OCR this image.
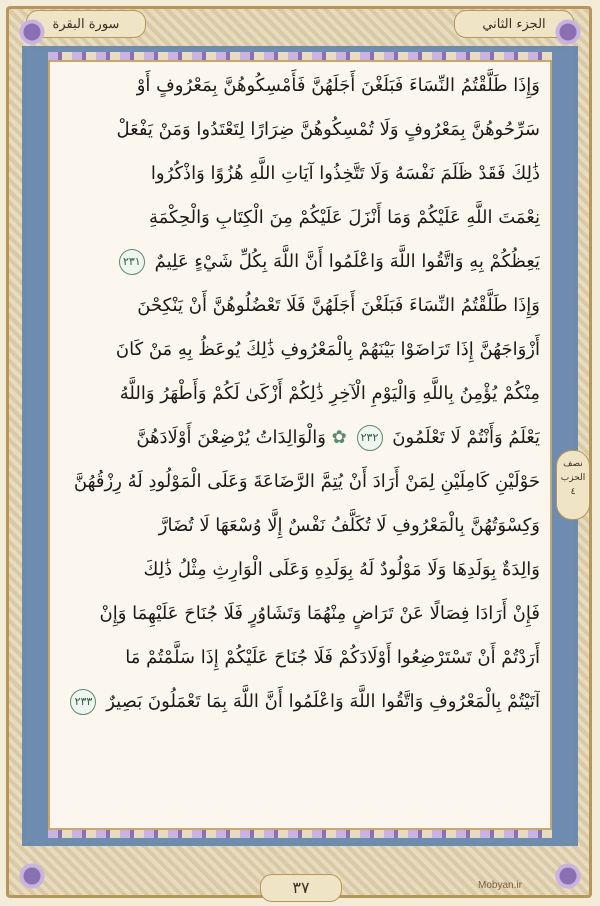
الجزء الثاني
سورة البقرة
وَإِذَا طَلَّقْتُمُ النِّسَاءَ فَبَلَغْنَ أَجَلَهُنَّ فَأَمْسِكُوهُنَّ بِمَعْرُوفٍ أَوْ
سَرِّحُوهُنَّ بِمَعْرُوفٍ وَلَا تُمْسِكُوهُنَّ ضِرَارًا لِتَعْتَدُوا وَمَنْ يَفْعَلْ
ذَٰلِكَ فَقَدْ ظَلَمَ نَفْسَهُ وَلَا تَتَّخِذُوا آيَاتِ اللَّهِ هُزُوًا وَاذْكُرُوا
نِعْمَتَ اللَّهِ عَلَيْكُمْ وَمَا أَنْزَلَ عَلَيْكُمْ مِنَ الْكِتَابِ وَالْحِكْمَةِ
يَعِظُكُمْ بِهِ وَاتَّقُوا اللَّهَ وَاعْلَمُوا أَنَّ اللَّهَ بِكُلِّ شَيْءٍ عَلِيمٌ ٢٣١
وَإِذَا طَلَّقْتُمُ النِّسَاءَ فَبَلَغْنَ أَجَلَهُنَّ فَلَا تَعْضُلُوهُنَّ أَنْ يَنْكِحْنَ
أَزْوَاجَهُنَّ إِذَا تَرَاضَوْا بَيْنَهُمْ بِالْمَعْرُوفِ ذَٰلِكَ يُوعَظُ بِهِ مَنْ كَانَ
مِنْكُمْ يُؤْمِنُ بِاللَّهِ وَالْيَوْمِ الْآخِرِ ذَٰلِكُمْ أَزْكَىٰ لَكُمْ وَأَطْهَرُ وَاللَّهُ
يَعْلَمُ وَأَنْتُمْ لَا تَعْلَمُونَ ٢٣٢ ✿ وَالْوَالِدَاتُ يُرْضِعْنَ أَوْلَادَهُنَّ
حَوْلَيْنِ كَامِلَيْنِ لِمَنْ أَرَادَ أَنْ يُتِمَّ الرَّضَاعَةَ وَعَلَى الْمَوْلُودِ لَهُ رِزْقُهُنَّ
وَكِسْوَتُهُنَّ بِالْمَعْرُوفِ لَا تُكَلَّفُ نَفْسٌ إِلَّا وُسْعَهَا لَا تُضَارَّ
وَالِدَةٌ بِوَلَدِهَا وَلَا مَوْلُودٌ لَهُ بِوَلَدِهِ وَعَلَى الْوَارِثِ مِثْلُ ذَٰلِكَ
فَإِنْ أَرَادَا فِصَالًا عَنْ تَرَاضٍ مِنْهُمَا وَتَشَاوُرٍ فَلَا جُنَاحَ عَلَيْهِمَا وَإِنْ
أَرَدْتُمْ أَنْ تَسْتَرْضِعُوا أَوْلَادَكُمْ فَلَا جُنَاحَ عَلَيْكُمْ إِذَا سَلَّمْتُمْ مَا
آتَيْتُمْ بِالْمَعْرُوفِ وَاتَّقُوا اللَّهَ وَاعْلَمُوا أَنَّ اللَّهَ بِمَا تَعْمَلُونَ بَصِيرٌ ٢٣٣
نصف الحزب ٤
٣٧	Mobyan.ir
